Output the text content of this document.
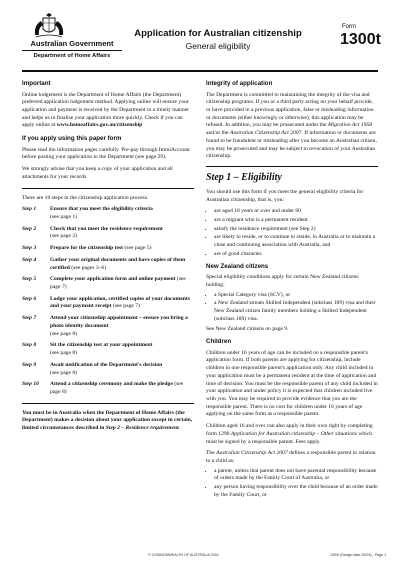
Australian Government
Department of Home Affairs
Application for Australian citizenship
General eligibility
Form
1300t
Important

Online lodgement is the Department of Home Affairs (the Department) preferred application lodgement method. Applying online will ensure your application and payment is received by the Department in a timely manner and helps us to finalise your application more quickly. Check if you can apply online at www.homeaffairs.gov.au/citizenship

If you apply using this paper form

Please read the information pages carefully. Pre-pay through ImmiAccount before posting your application to the Department (see page 29).

We strongly advise that you keep a copy of your application and all attachments for your records.

There are 10 steps in the citizenship application process.

Step 1	Ensure that you meet the eligibility criteria
(see page 1)
Step 2	Check that you meet the residence requirement
(see page 2)
Step 3	Prepare for the citizenship test (see page 5)
Step 4	Gather your original documents and have copies of them certified (see pages 3–6)
Step 5	Complete your application form and online payment (see page 7)
Step 6	Lodge your application, certified copies of your documents and your payment receipt (see page 7)
Step 7	Attend your citizenship appointment – ensure you bring a photo identity document
(see page 8)
Step 8	Sit the citizenship test at your appointment
(see page 8)
Step 9	Await notification of the Department's decision
(see page 8)
Step 10	Attend a citizenship ceremony and make the pledge (see page 8)

You must be in Australia when the Department of Home Affairs (the Department) makes a decision about your application except in certain, limited circumstances described in Step 2 – Residence requirement.

Integrity of application

The Department is committed to maintaining the integrity of the visa and citizenship programs. If you or a third party acting on your behalf provide, or have provided in a previous application, false or misleading information or documents (either knowingly or otherwise), this application may be refused. In addition, you may be prosecuted under the Migration Act 1958 and/or the Australian Citizenship Act 2007. If information or documents are found to be fraudulent or misleading after you become an Australian citizen, you may be prosecuted and may be subject to revocation of your Australian citizenship.

Step 1 – Eligibility

You should use this form if you meet the general eligibility criteria for Australian citizenship, that is, you:

• are aged 18 years or over and under 60
• are a migrant who is a permanent resident
• satisfy the residence requirement (see Step 2)
• are likely to reside, or to continue to reside, in Australia or to maintain a close and continuing association with Australia, and
• are of good character.
New Zealand citizens

Special eligibility conditions apply for certain New Zealand citizens holding:

• a Special Category visa (SCV), or
• a New Zealand stream Skilled Independent (subclass 189) visa and their New Zealand citizen family members holding a Skilled Independent (subclass 189) visa.

See New Zealand citizens on page 9.

Children

Children under 16 years of age can be included on a responsible parent's application form. If both parents are applying for citizenship, include children in one responsible parent's application only. Any child included in your application must be a permanent resident at the time of application and time of decision. You must be the responsible parent of any child included in your application and under policy it is expected that children included live with you. You may be required to provide evidence that you are the responsible parent. There is no cost for children under 16 years of age applying on the same form as a responsible parent.

Children aged 16 and over can also apply in their own right by completing form 1290 Application for Australian citizenship – Other situations which must be signed by a responsible parent. Fees apply.

The Australian Citizenship Act 2007 defines a responsible parent in relation to a child as:

• a parent, unless that parent does not have parental responsibility because of orders made by the Family Court of Australia, or
• any person having responsibility over the child because of an order made by the Family Court, or
© COMMONWEALTH OF AUSTRALIA 2024	1300t (Design date 05/24) - Page 1
